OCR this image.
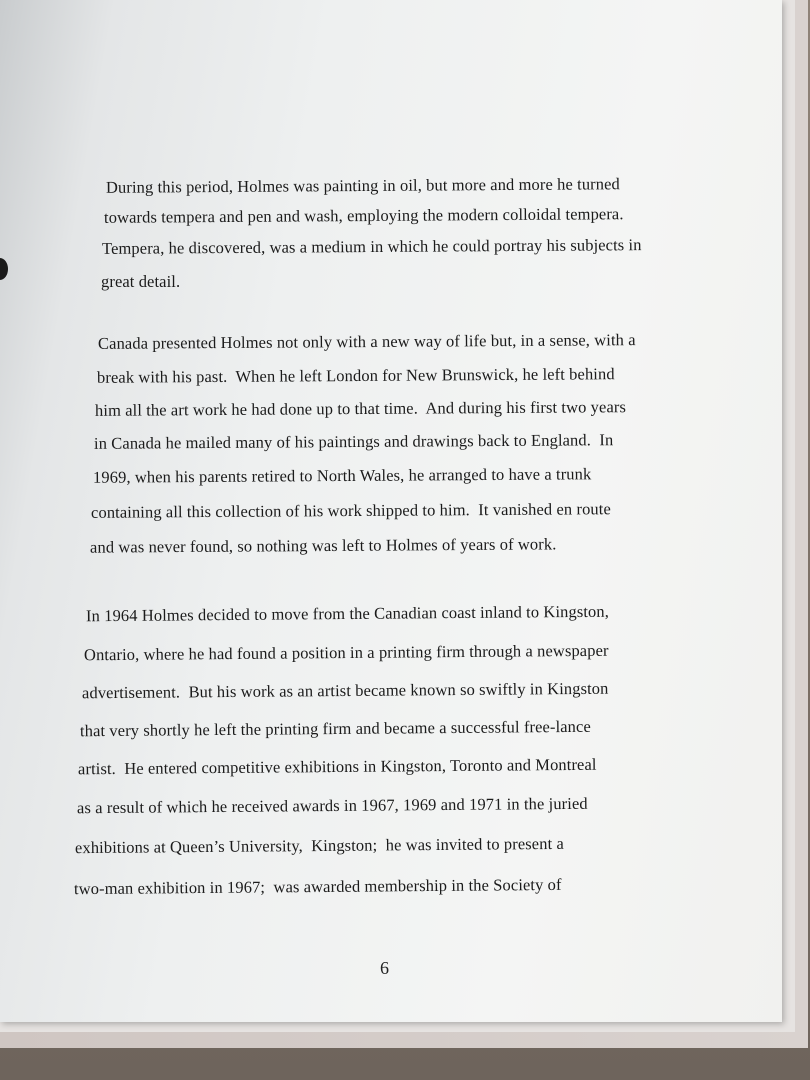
During this period, Holmes was painting in oil, but more and more he turned
towards tempera and pen and wash, employing the modern colloidal tempera.
Tempera, he discovered, was a medium in which he could portray his subjects in
great detail.
Canada presented Holmes not only with a new way of life but, in a sense, with a
break with his past.  When he left London for New Brunswick, he left behind
him all the art work he had done up to that time.  And during his first two years
in Canada he mailed many of his paintings and drawings back to England.  In
1969, when his parents retired to North Wales, he arranged to have a trunk
containing all this collection of his work shipped to him.  It vanished en route
and was never found, so nothing was left to Holmes of years of work.
In 1964 Holmes decided to move from the Canadian coast inland to Kingston,
Ontario, where he had found a position in a printing firm through a newspaper
advertisement.  But his work as an artist became known so swiftly in Kingston
that very shortly he left the printing firm and became a successful free-lance
artist.  He entered competitive exhibitions in Kingston, Toronto and Montreal
as a result of which he received awards in 1967, 1969 and 1971 in the juried
exhibitions at Queen’s University,  Kingston;  he was invited to present a
two-man exhibition in 1967;  was awarded membership in the Society of
6
